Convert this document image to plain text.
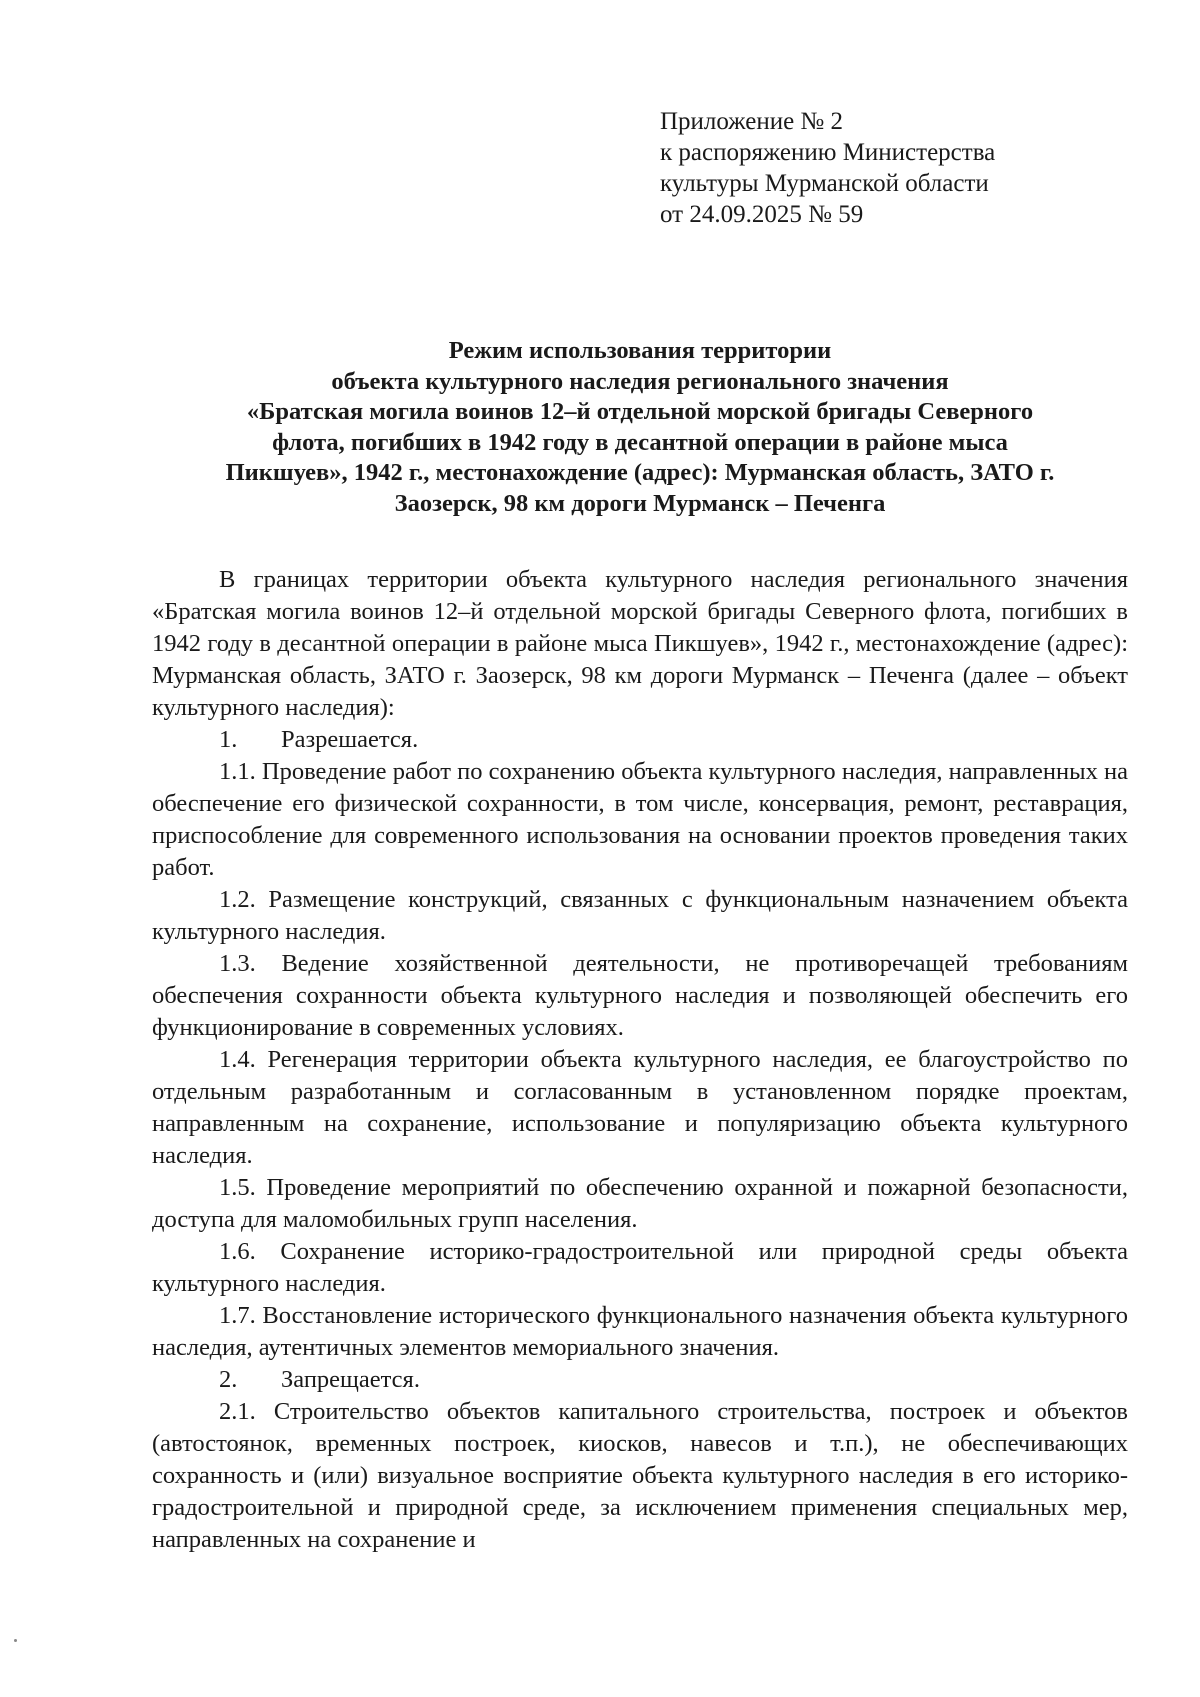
Приложение № 2
к распоряжению Министерства
культуры Мурманской области
от 24.09.2025 № 59
Режим использования территории
объекта культурного наследия регионального значения
«Братская могила воинов 12–й отдельной морской бригады Северного
флота, погибших в 1942 году в десантной операции в районе мыса
Пикшуев», 1942 г., местонахождение (адрес): Мурманская область, ЗАТО г.
Заозерск, 98 км дороги Мурманск – Печенга

В границах территории объекта культурного наследия регионального значения «Братская могила воинов 12–й отдельной морской бригады Северного флота, погибших в 1942 году в десантной операции в районе мыса Пикшуев», 1942 г., местонахождение (адрес): Мурманская область, ЗАТО г. Заозерск, 98 км дороги Мурманск – Печенга (далее – объект культурного наследия):

1. Разрешается.

1.1. Проведение работ по сохранению объекта культурного наследия, направленных на обеспечение его физической сохранности, в том числе, консервация, ремонт, реставрация, приспособление для современного использования на основании проектов проведения таких работ.

1.2. Размещение конструкций, связанных с функциональным назначением объекта культурного наследия.

1.3. Ведение хозяйственной деятельности, не противоречащей требованиям обеспечения сохранности объекта культурного наследия и позволяющей обеспечить его функционирование в современных условиях.

1.4. Регенерация территории объекта культурного наследия, ее благоустройство по отдельным разработанным и согласованным в установленном порядке проектам, направленным на сохранение, использование и популяризацию объекта культурного наследия.

1.5. Проведение мероприятий по обеспечению охранной и пожарной безопасности, доступа для маломобильных групп населения.

1.6. Сохранение историко-градостроительной или природной среды объекта культурного наследия.

1.7. Восстановление исторического функционального назначения объекта культурного наследия, аутентичных элементов мемориального значения.

2. Запрещается.

2.1. Строительство объектов капитального строительства, построек и объектов (автостоянок, временных построек, киосков, навесов и т.п.), не обеспечивающих сохранность и (или) визуальное восприятие объекта культурного наследия в его историко-градостроительной и природной среде, за исключением применения специальных мер, направленных на сохранение и
